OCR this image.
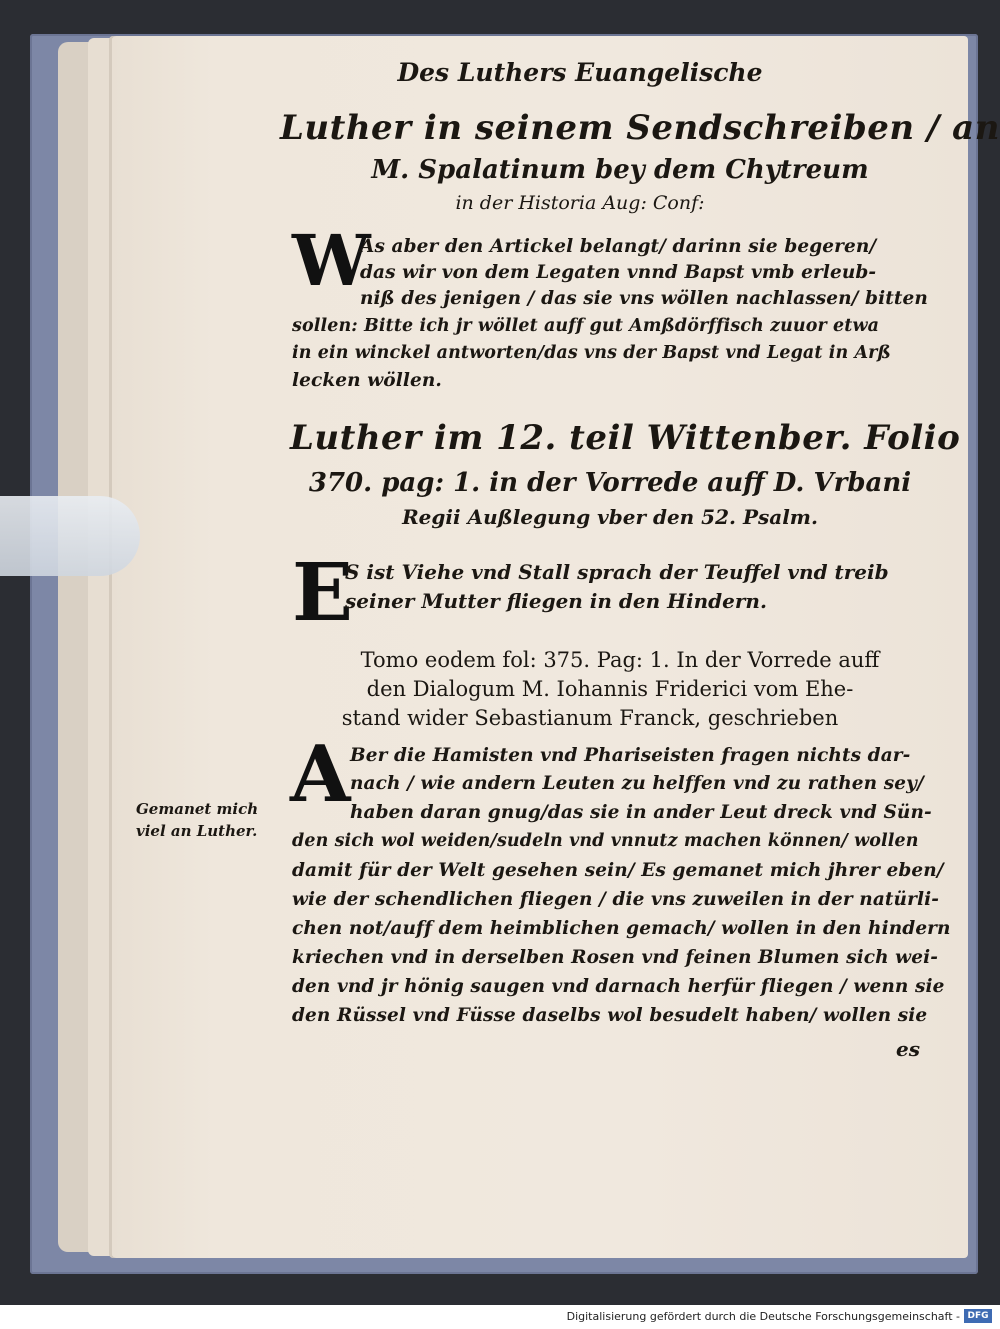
Des Luthers Euangelische

Luther in seinem Sendschreiben / an

M. Spalatinum bey dem Chytreum

in der Historia Aug: Conf:

W

As aber den Artickel belangt/ darinn sie begeren/

das wir von dem Legaten vnnd Bapst vmb erleub-

niß des jenigen / das sie vns wöllen nachlassen/ bitten

sollen: Bitte ich jr wöllet auff gut Amßdörffisch zuuor etwa

in ein winckel antworten/das vns der Bapst vnd Legat in Arß

lecken wöllen.

Luther im 12. teil Wittenber. Folio

370. pag: 1. in der Vorrede auff D. Vrbani

Regii Außlegung vber den 52. Psalm.

E

S ist Viehe vnd Stall sprach der Teuffel vnd treib

seiner Mutter fliegen in den Hindern.

Tomo eodem fol: 375. Pag: 1. In der Vorrede auff

den Dialogum M. Iohannis Friderici vom Ehe-

stand wider Sebastianum Franck, geschrieben

A Ber die Hamisten vnd Phariseisten fragen nichts dar-

nach / wie andern Leuten zu helffen vnd zu rathen sey/

haben daran gnug/das sie in ander Leut dreck vnd Sün-

den sich wol weiden/sudeln vnd vnnutz machen können/ wollen

damit für der Welt gesehen sein/ Es gemanet mich jhrer eben/

wie der schendlichen fliegen / die vns zuweilen in der natürli-

chen not/auff dem heimblichen gemach/ wollen in den hindern

kriechen vnd in derselben Rosen vnd feinen Blumen sich wei-

den vnd jr hönig saugen vnd darnach herfür fliegen / wenn sie

den Rüssel vnd Füsse daselbs wol besudelt haben/ wollen sie

Gemanet mich

viel an Luther.

es

Digitalisierung gefördert durch die Deutsche Forschungsgemeinschaft - DFG
